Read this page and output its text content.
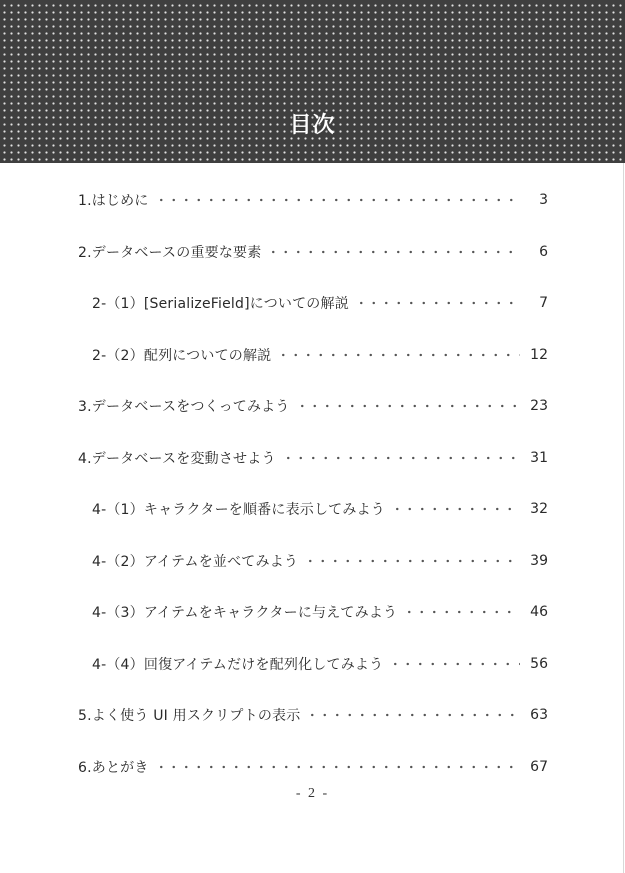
目次
1.はじめに	3
2.データベースの重要な要素	6
2-（1）[SerializeField]についての解説	7
2-（2）配列についての解説	12
3.データベースをつくってみよう	23
4.データベースを変動させよう	31
4-（1）キャラクターを順番に表示してみよう	32
4-（2）アイテムを並べてみよう	39
4-（3）アイテムをキャラクターに与えてみよう	46
4-（4）回復アイテムだけを配列化してみよう	56
5.よく使う UI 用スクリプトの表示	63
6.あとがき	67
- 2 -
